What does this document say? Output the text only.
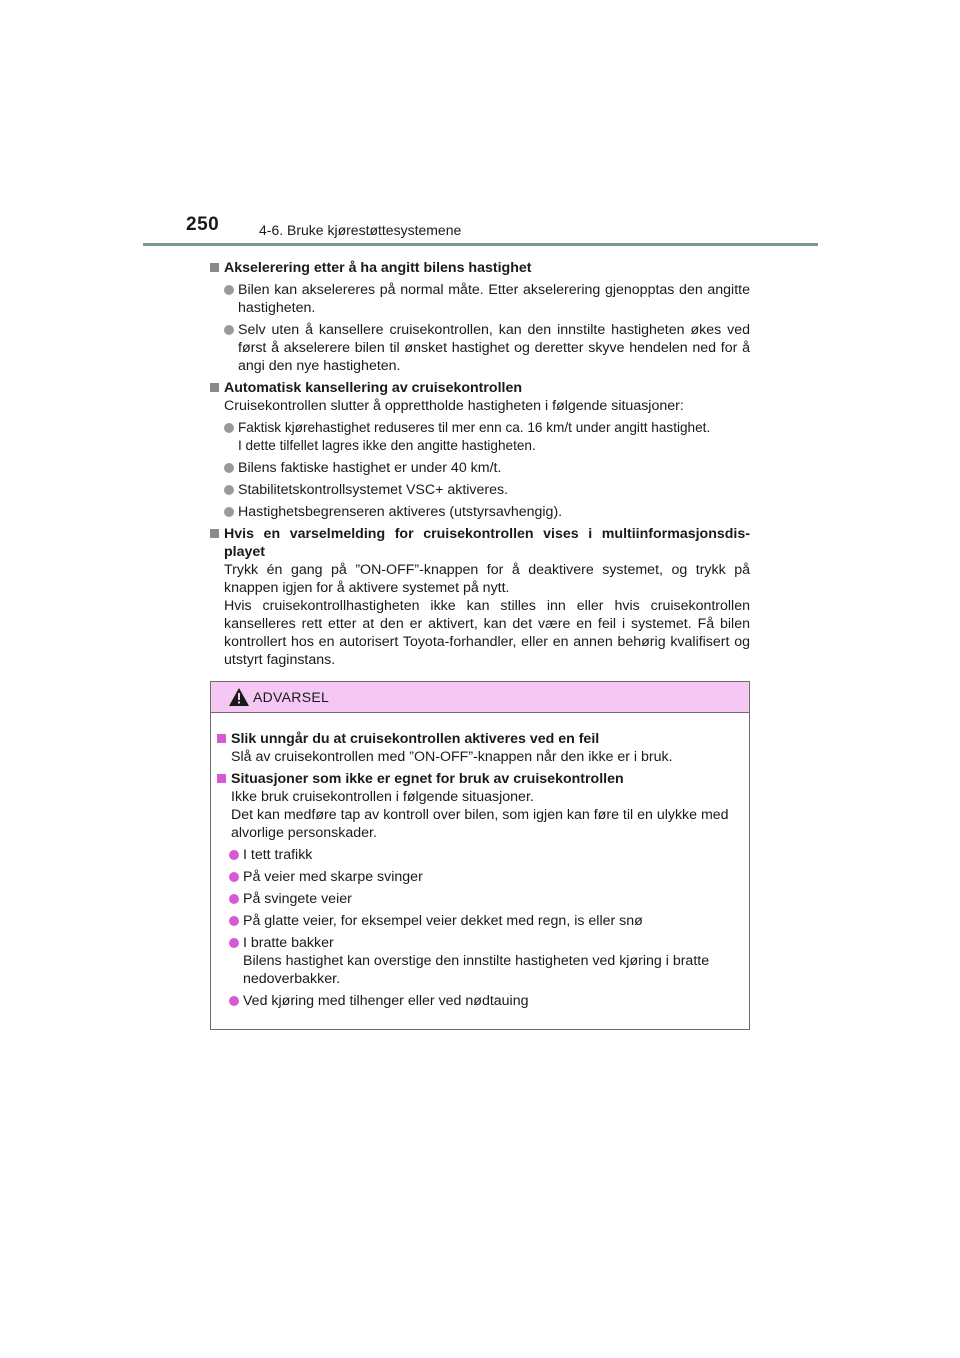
250	4-6. Bruke kjørestøttesystemene
Akselerering etter å ha angitt bilens hastighet
Bilen kan akselereres på normal måte. Etter akselerering gjenopptas den angitte hastigheten.
Selv uten å kansellere cruisekontrollen, kan den innstilte hastigheten økes ved først å akselerere bilen til ønsket hastighet og deretter skyve hendelen ned for å angi den nye hastigheten.
Automatisk kansellering av cruisekontrollen
Cruisekontrollen slutter å opprettholde hastigheten i følgende situasjoner:
Faktisk kjørehastighet reduseres til mer enn ca. 16 km/t under angitt hastighet.
I dette tilfellet lagres ikke den angitte hastigheten.
Bilens faktiske hastighet er under 40 km/t.
Stabilitetskontrollsystemet VSC+ aktiveres.
Hastighetsbegrenseren aktiveres (utstyrsavhengig).
Hvis en varselmelding for cruisekontrollen vises i multiinformasjonsdis-playet
Trykk én gang på ”ON-OFF”-knappen for å deaktivere systemet, og trykk på knappen igjen for å aktivere systemet på nytt.
Hvis cruisekontrollhastigheten ikke kan stilles inn eller hvis cruisekontrollen kanselleres rett etter at den er aktivert, kan det være en feil i systemet. Få bilen kontrollert hos en autorisert Toyota-forhandler, eller en annen behørig kvalifisert og utstyrt faginstans.
ADVARSEL
Slik unngår du at cruisekontrollen aktiveres ved en feil
Slå av cruisekontrollen med ”ON-OFF”-knappen når den ikke er i bruk.
Situasjoner som ikke er egnet for bruk av cruisekontrollen
Ikke bruk cruisekontrollen i følgende situasjoner.
Det kan medføre tap av kontroll over bilen, som igjen kan føre til en ulykke med alvorlige personskader.
I tett trafikk
På veier med skarpe svinger
På svingete veier
På glatte veier, for eksempel veier dekket med regn, is eller snø
I bratte bakker
Bilens hastighet kan overstige den innstilte hastigheten ved kjøring i bratte nedoverbakker.
Ved kjøring med tilhenger eller ved nødtauing
